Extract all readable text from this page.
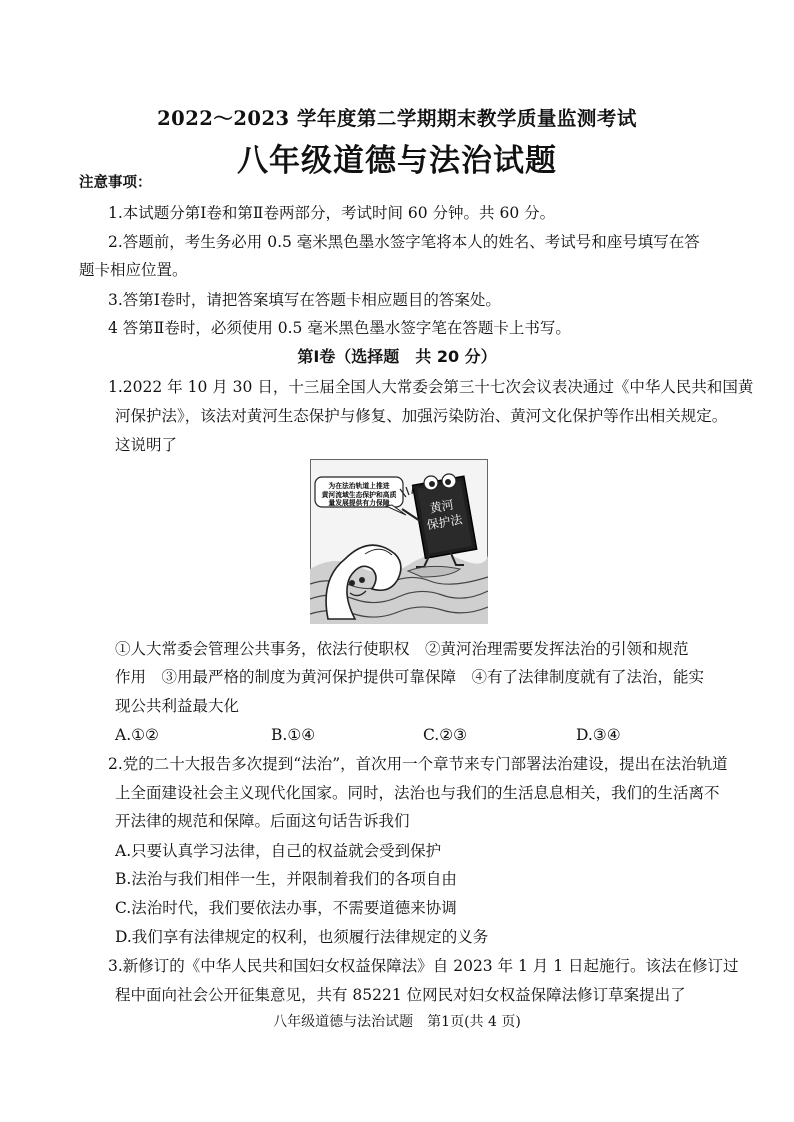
2022～2023 学年度第二学期期末教学质量监测考试
八年级道德与法治试题
注意事项：
1.本试题分第Ⅰ卷和第Ⅱ卷两部分，考试时间 60 分钟。共 60 分。
2.答题前，考生务必用 0.5 毫米黑色墨水签字笔将本人的姓名、考试号和座号填写在答
题卡相应位置。
3.答第Ⅰ卷时，请把答案填写在答题卡相应题目的答案处。
4 答第Ⅱ卷时，必须使用 0.5 毫米黑色墨水签字笔在答题卡上书写。
第Ⅰ卷（选择题　共 20 分）
1.2022 年 10 月 30 日，十三届全国人大常委会第三十七次会议表决通过《中华人民共和国黄
河保护法》，该法对黄河生态保护与修复、加强污染防治、黄河文化保护等作出相关规定。
这说明了
为在法治轨道上推进
黄河流域生态保护和高质
量发展提供有力保障	黄河
保护法
①人大常委会管理公共事务，依法行使职权　②黄河治理需要发挥法治的引领和规范
作用　③用最严格的制度为黄河保护提供可靠保障　④有了法律制度就有了法治，能实
现公共利益最大化
A.①②	B.①④	C.②③	D.③④
2.党的二十大报告多次提到“法治”，首次用一个章节来专门部署法治建设，提出在法治轨道
上全面建设社会主义现代化国家。同时，法治也与我们的生活息息相关，我们的生活离不
开法律的规范和保障。后面这句话告诉我们
A.只要认真学习法律，自己的权益就会受到保护
B.法治与我们相伴一生，并限制着我们的各项自由
C.法治时代，我们要依法办事，不需要道德来协调
D.我们享有法律规定的权利，也须履行法律规定的义务
3.新修订的《中华人民共和国妇女权益保障法》自 2023 年 1 月 1 日起施行。该法在修订过
程中面向社会公开征集意见，共有 85221 位网民对妇女权益保障法修订草案提出了
八年级道德与法治试题　第1页(共 4 页)
